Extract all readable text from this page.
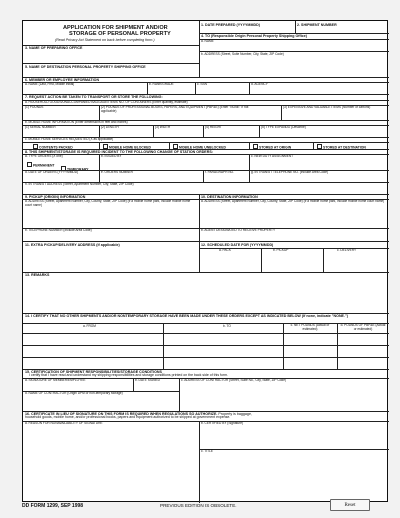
APPLICATION FOR SHIPMENT AND/OR
STORAGE OF PERSONAL PROPERTY
(Read Privacy Act Statement on back before completing form.)
1. DATE PREPARED (YYYYMMDD)	2. SHIPMENT NUMBER
3. NAME OF PREPARING OFFICE
4. TO (Responsible Origin Personal Property Shipping Office)
a. NAME
5. NAME OF DESTINATION PERSONAL PROPERTY SHIPPING OFFICE
b. ADDRESS (Street, Suite Number, City, State, ZIP Code)
6. MEMBER OR EMPLOYEE INFORMATION
a. NAME (Last, First, Middle Initial)	b. RANK/GRADE	c. SSN	d. AGENCY
7. REQUEST ACTION BE TAKEN TO TRANSPORT OR STORE THE FOLLOWING:
a. HOUSEHOLD GOODS/UNACCOMPANIED BAGGAGE/ITEMS NO. OF CONTAINERS (Enter quantity, estimate)
(1) POUNDS	(2) POUNDS OF PROFESSIONAL BOOKS, PAPERS, AND EQUIPMENT (PBP&E) (Enter "NONE" if not applicable)
(3) EXPENSIVE AND VALUABLE ITEMS (Number of cartons)
b. MOBILE HOME INFORMATION (Enter dimensions in feet and inches)
(1) SERIAL NUMBER	(2) LENGTH	(3) WIDTH	(4) HEIGHT	(5) TYPE EXPANDO (Describe)
c. MOBILE HOME SERVICES REQUESTED (X as applicable)
CONTENTS PACKED	MOBILE HOME BLOCKED	MOBILE HOME UNBLOCKED	STORED AT ORIGIN	STORED AT DESTINATION
8. THIS SHIPMENT/STORAGE IS REQUIRED INCIDENT TO THE FOLLOWING CHANGE OF STATION ORDERS:
a. TYPE ORDERS (X one)
PERMANENT
TEMPORARY
b. ISSUED BY	c. NEW DUTY ASSIGNMENT
d. DATE OF ORDERS (YYYYMMDD)	e. ORDERS NUMBER	f. PARAGRAPH NO.	g. IN TRANSIT TELEPHONE NO. (Include Area Code)
h. IN TRANSIT ADDRESS (Street, Apartment Number, City, State, ZIP Code)
9. PICKUP (ORIGIN) INFORMATION	10. DESTINATION INFORMATION
a. ADDRESS (Street, Apartment Number, City, County, State, ZIP Code) (If a mobile home park, include mobile home court name)
a. ADDRESS (Street, Apartment Number, City, County, State, ZIP Code) (If a mobile home park, include mobile home court name)
b. TELEPHONE NUMBER (Include Area Code)	b. AGENT DESIGNATED TO RECEIVE PROPERTY
11. EXTRA PICKUP/DELIVERY ADDRESS (If applicable)	12. SCHEDULED DATE FOR (YYYYMMDD)
a. PACK	b. PICKUP	c. DELIVERY
13. REMARKS
14. I CERTIFY THAT NO OTHER SHIPMENTS AND/OR NONTEMPORARY STORAGE HAVE BEEN MADE UNDER THESE ORDERS EXCEPT AS INDICATED BELOW (If none, indicate "NONE.")
a. FROM	b. TO	c. NET POUNDS (Actual or estimated)
d. POUNDS OF PBP&E (Actual or estimated)
15. CERTIFICATION OF SHIPMENT RESPONSIBILITIES/STORAGE CONDITIONS
I certify that I have read and understand my shipping responsibilities and storage conditions printed on the back side of this form.
a. SIGNATURE OF MEMBER/EMPLOYEE	b. DATE SIGNED	c. ADDRESS OF CONTRACTOR (Street, Suite No., City, State, ZIP Code)
d. NAME OF CONTRACTOR (Origin DPM or non-temporary storage)
16. CERTIFICATE IN LIEU OF SIGNATURE ON THIS FORM IS REQUIRED WHEN REGULATIONS SO AUTHORIZE. Property is baggage,
household goods, mobile home, and/or professional books, papers and equipment authorized to be shipped at government expense.
a. REASON FOR NONAVAILABILITY OF SIGNATURE	b. CERTIFIED BY (Signature)
c. TITLE
DD FORM 1299, SEP 1998	PREVIOUS EDITION IS OBSOLETE.	Reset
